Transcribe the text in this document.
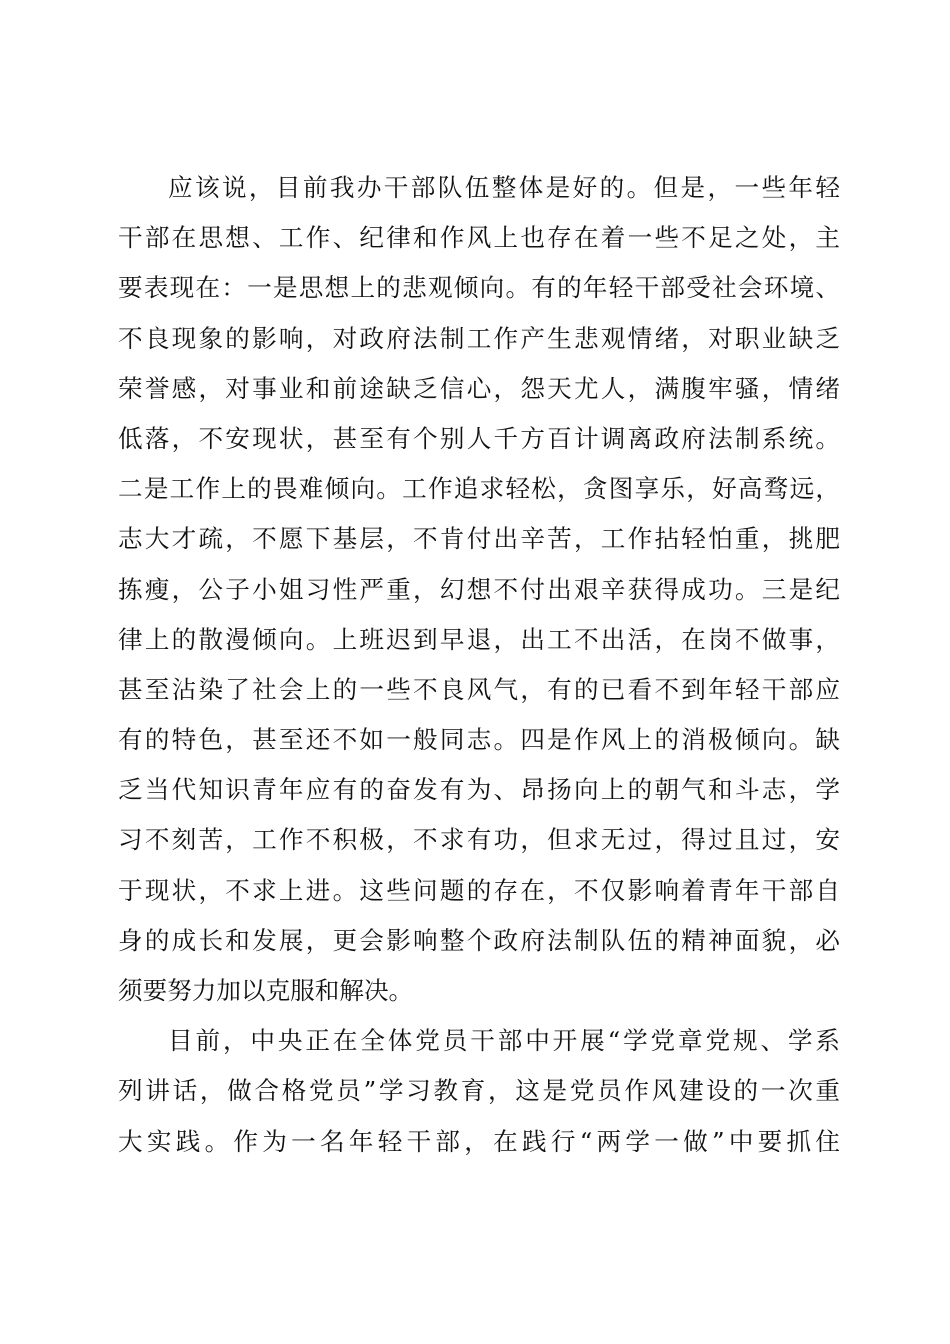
应该说，目前我办干部队伍整体是好的。但是，一些年轻
干部在思想、工作、纪律和作风上也存在着一些不足之处，主
要表现在：一是思想上的悲观倾向。有的年轻干部受社会环境、
不良现象的影响，对政府法制工作产生悲观情绪，对职业缺乏
荣誉感，对事业和前途缺乏信心，怨天尤人，满腹牢骚，情绪
低落，不安现状，甚至有个别人千方百计调离政府法制系统。
二是工作上的畏难倾向。工作追求轻松，贪图享乐，好高骛远，
志大才疏，不愿下基层，不肯付出辛苦，工作拈轻怕重，挑肥
拣瘦，公子小姐习性严重，幻想不付出艰辛获得成功。三是纪
律上的散漫倾向。上班迟到早退，出工不出活，在岗不做事，
甚至沾染了社会上的一些不良风气，有的已看不到年轻干部应
有的特色，甚至还不如一般同志。四是作风上的消极倾向。缺
乏当代知识青年应有的奋发有为、昂扬向上的朝气和斗志，学
习不刻苦，工作不积极，不求有功，但求无过，得过且过，安
于现状，不求上进。这些问题的存在，不仅影响着青年干部自
身的成长和发展，更会影响整个政府法制队伍的精神面貌，必
须要努力加以克服和解决。
目前，中央正在全体党员干部中开展“学党章党规、学系
列讲话，做合格党员”学习教育，这是党员作风建设的一次重
大实践。作为一名年轻干部，在践行“两学一做”中要抓住
